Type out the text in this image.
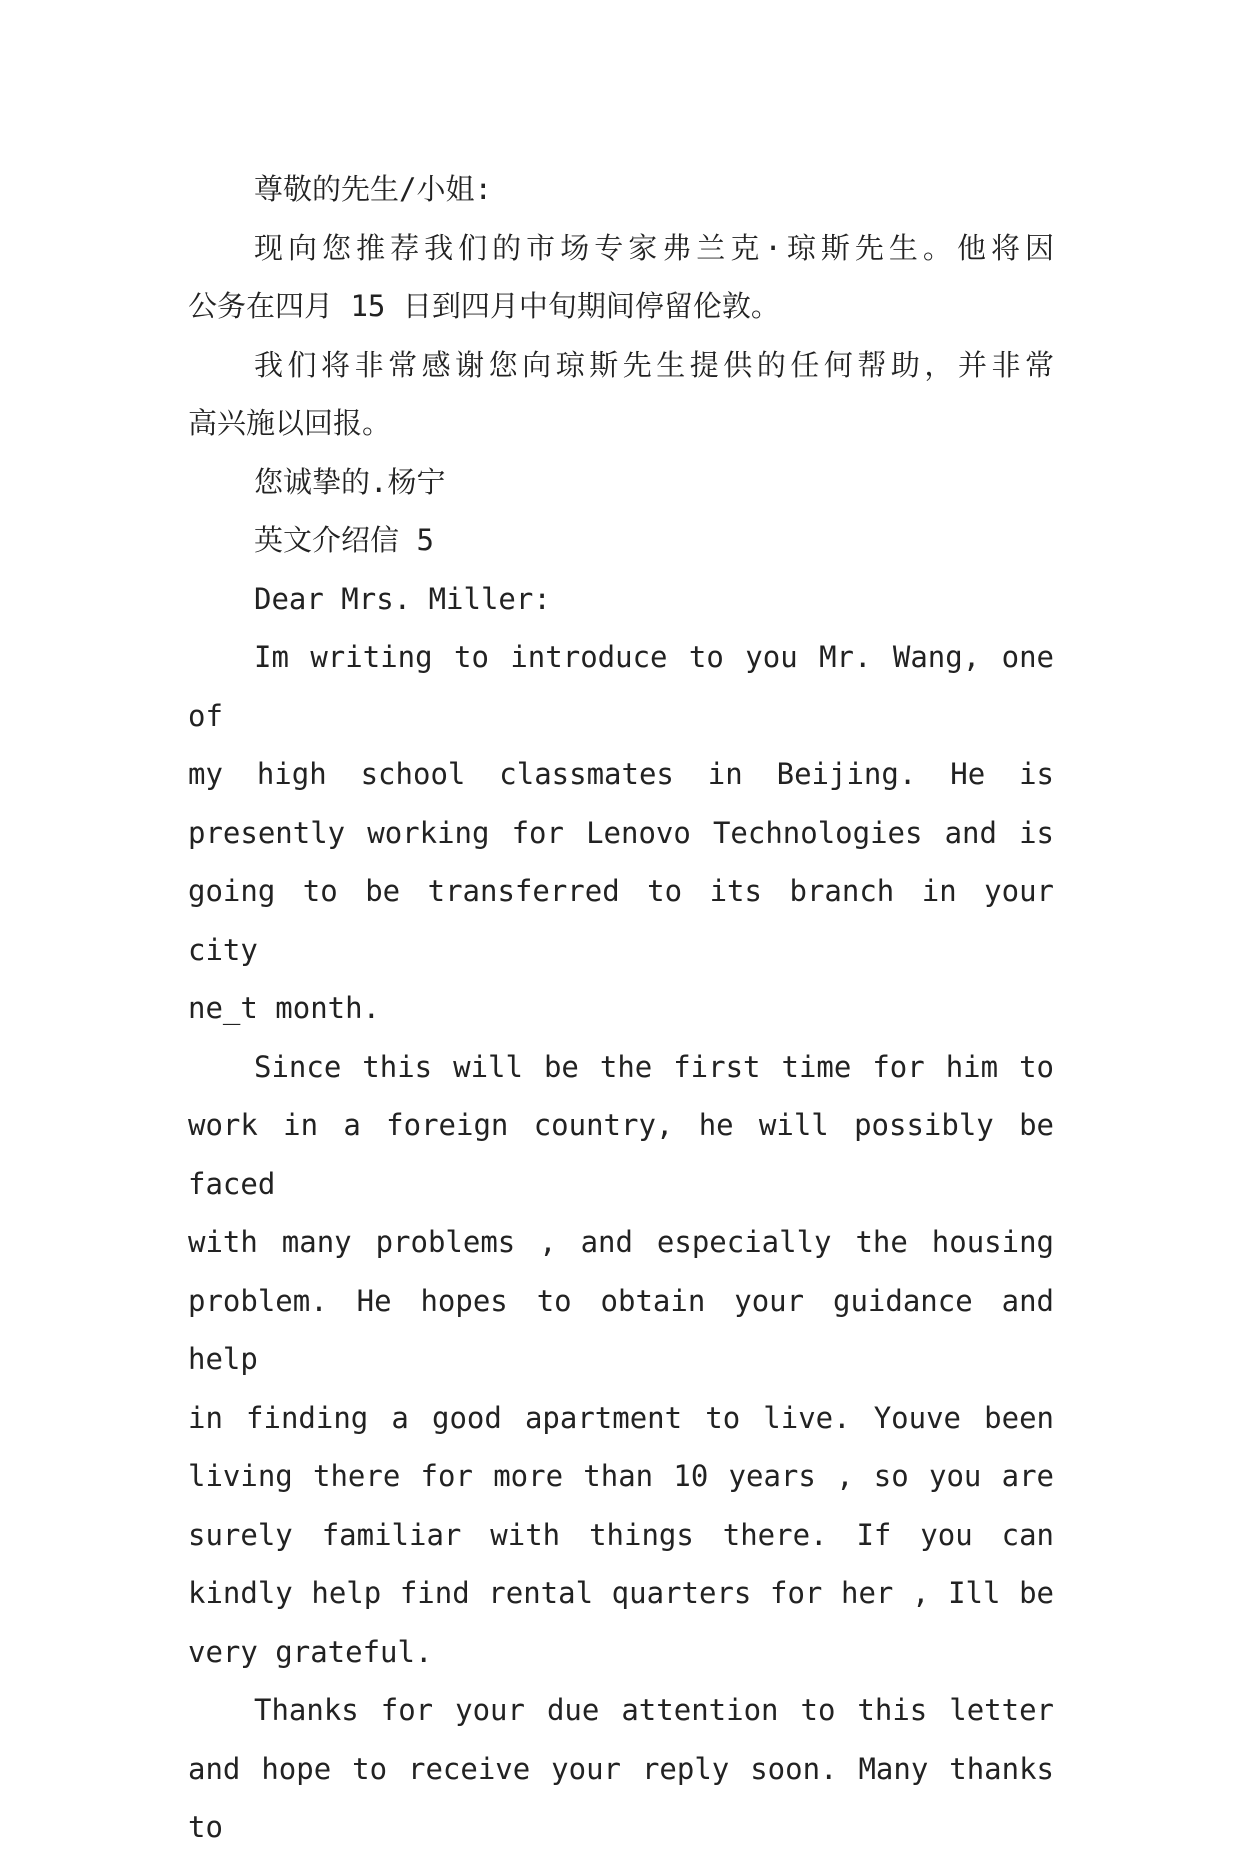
尊敬的先生/小姐:
现向您推荐我们的市场专家弗兰克·琼斯先生。他将因
公务在四月 15 日到四月中旬期间停留伦敦。
我们将非常感谢您向琼斯先生提供的任何帮助，并非常
高兴施以回报。
您诚挚的.杨宁
英文介绍信 5
Dear Mrs. Miller:
Im writing to introduce to you Mr. Wang, one of
my high school classmates in Beijing. He is
presently working for Lenovo Technologies and is
going to be transferred to its branch in your city
ne_t month.
Since this will be the first time for him to
work in a foreign country, he will possibly be faced
with many problems , and especially the housing
problem. He hopes to obtain your guidance and help
in finding a good apartment to live. Youve been
living there for more than 10 years , so you are
surely familiar with things there. If you can
kindly help find rental quarters for her , Ill be
very grateful.
Thanks for your due attention to this letter
and hope to receive your reply soon. Many thanks to
